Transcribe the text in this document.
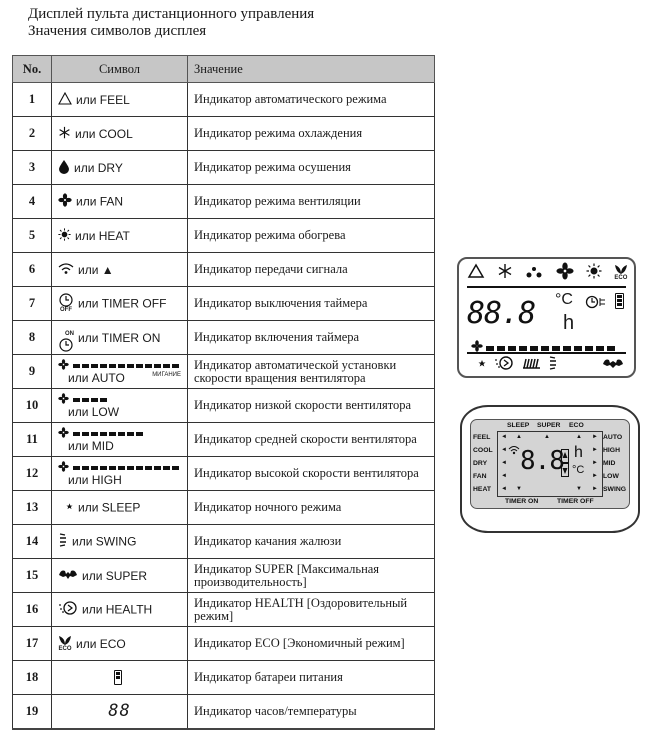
Дисплей пульта дистанционного управления
Значения символов дисплея
No.	Символ	Значение
1	или FEEL	Индикатор автоматического режима
2	или COOL	Индикатор режима охлаждения
3	или DRY	Индикатор режима осушения
4	или FAN	Индикатор режима вентиляции
5	или HEAT	Индикатор режима обогрева
6	или ▲	Индикатор передачи сигнала
7	OFF или TIMER OFF	Индикатор выключения таймера
8	ON или TIMER ON	Индикатор включения таймера
9	или AUTO МИГАНИЕ	Индикатор автоматической установки скорости вращения вентилятора
10	или LOW	Индикатор низкой скорости вентилятора
11	или MID	Индикатор средней скорости вентилятора
12	или HIGH	Индикатор высокой скорости вентилятора
13	или SLEEP	Индикатор ночного режима
14	или SWING	Индикатор качания жалюзи
15	или SUPER	Индикатор SUPER [Максимальная производительность]
16	или HEALTH	Индикатор HEALTH [Оздоровительный режим]
17	ECO или ECO	Индикатор ECO [Экономичный режим]
18		Индикатор батареи питания
19	88	Индикатор часов/температуры
ECO
88.8 °C
h
SLEEP SUPER ECO
FEEL
COOL
DRY
FAN
HEAT
AUTO
HIGH
MID
LOW
SWING
TIMER ON	TIMER OFF
◄
◄
◄
◄
◄
►
►
►
►
►
▲	▲	▲
▼	▼
8.8 h
°C
